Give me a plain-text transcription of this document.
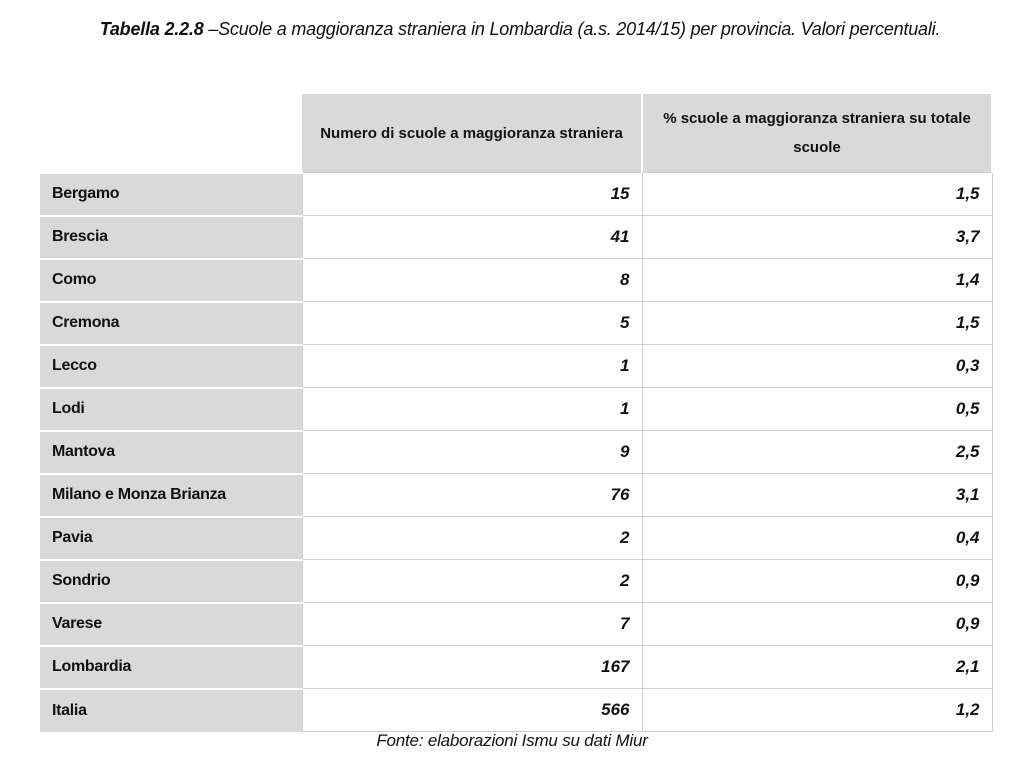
Tabella 2.2.8 –Scuole a maggioranza straniera in Lombardia (a.s. 2014/15) per provincia. Valori percentuali.
	Numero di scuole a maggioranza straniera	% scuole a maggioranza straniera su totale scuole
Bergamo	15	1,5
Brescia	41	3,7
Como	8	1,4
Cremona	5	1,5
Lecco	1	0,3
Lodi	1	0,5
Mantova	9	2,5
Milano e Monza Brianza	76	3,1
Pavia	2	0,4
Sondrio	2	0,9
Varese	7	0,9
Lombardia	167	2,1
Italia	566	1,2
Fonte: elaborazioni Ismu su dati Miur
